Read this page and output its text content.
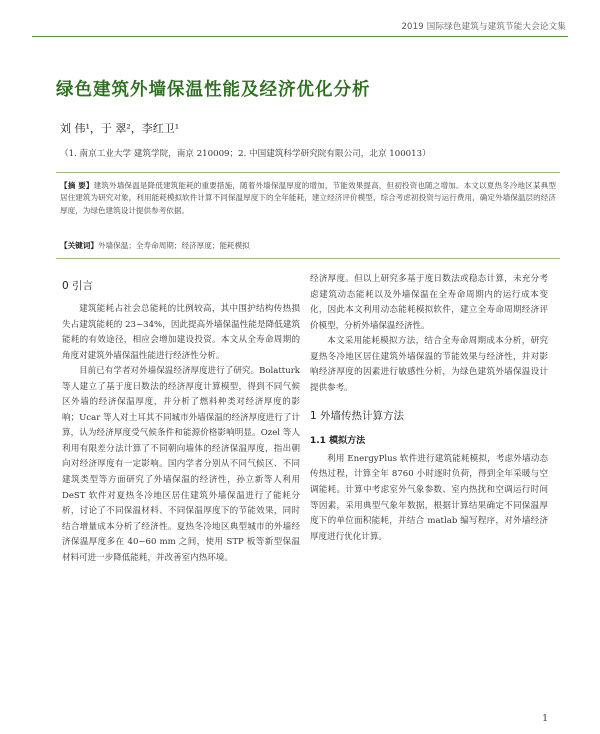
2019 国际绿色建筑与建筑节能大会论文集
绿色建筑外墙保温性能及经济优化分析
刘 伟¹，于 翠²，李红卫¹
（1. 南京工业大学 建筑学院，南京 210009；2. 中国建筑科学研究院有限公司，北京 100013）
【摘 要】建筑外墙保温是降低建筑能耗的重要措施，随着外墙保温厚度的增加，节能效果提高，但初投资也随之增加。本文以夏热冬冷地区某典型居住建筑为研究对象，利用能耗模拟软件计算不同保温厚度下的全年能耗，建立经济评价模型，综合考虑初投资与运行费用，确定外墙保温层的经济厚度，为绿色建筑设计提供参考依据。
【关键词】外墙保温；全寿命周期；经济厚度；能耗模拟
0 引言

建筑能耗占社会总能耗的比例较高，其中围护结构传热损失占建筑能耗的 23~34%，因此提高外墙保温性能是降低建筑能耗的有效途径，相应会增加建设投资。本文从全寿命周期的角度对建筑外墙保温性能进行经济性分析。

目前已有学者对外墙保温经济厚度进行了研究。Bolatturk 等人建立了基于度日数法的经济厚度计算模型，得到不同气候区外墙的经济保温厚度，并分析了燃料种类对经济厚度的影响；Ucar 等人对土耳其不同城市外墙保温的经济厚度进行了计算，认为经济厚度受气候条件和能源价格影响明显。Ozel 等人利用有限差分法计算了不同朝向墙体的经济保温厚度，指出朝向对经济厚度有一定影响。国内学者分别从不同气候区、不同建筑类型等方面研究了外墙保温的经济性，孙立新等人利用 DeST 软件对夏热冬冷地区居住建筑外墙保温进行了能耗分析，讨论了不同保温材料、不同保温厚度下的节能效果，同时结合增量成本分析了经济性。夏热冬冷地区典型城市的外墙经济保温厚度多在 40~60 mm 之间，使用 STP 板等新型保温材料可进一步降低能耗，并改善室内热环境。

经济厚度。但以上研究多基于度日数法或稳态计算，未充分考虑建筑动态能耗以及外墙保温在全寿命周期内的运行成本变化，因此本文利用动态能耗模拟软件，建立全寿命周期经济评价模型，分析外墙保温经济性。

本文采用能耗模拟方法，结合全寿命周期成本分析，研究夏热冬冷地区居住建筑外墙保温的节能效果与经济性，并对影响经济厚度的因素进行敏感性分析，为绿色建筑外墙保温设计提供参考。

1 外墙传热计算方法
1.1 模拟方法

利用 EnergyPlus 软件进行建筑能耗模拟，考虑外墙动态传热过程，计算全年 8760 小时逐时负荷，得到全年采暖与空调能耗。计算中考虑室外气象参数、室内热扰和空调运行时间等因素，采用典型气象年数据，根据计算结果确定不同保温厚度下的单位面积能耗，并结合 matlab 编写程序，对外墙经济厚度进行优化计算。

1
